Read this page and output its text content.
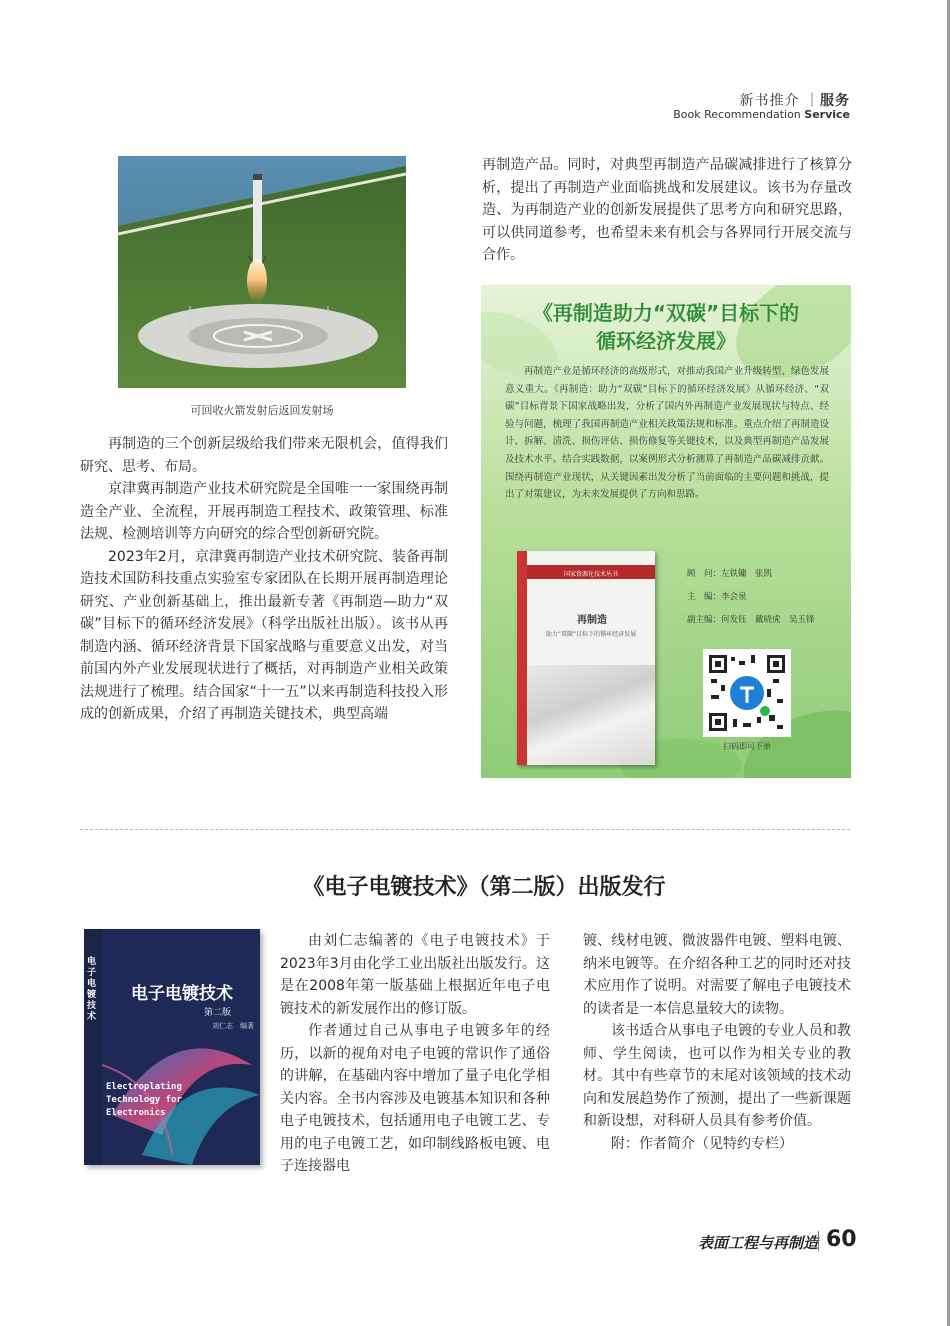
新书推介 ｜服务
Book Recommendation Service
可回收火箭发射后返回发射场

再制造的三个创新层级给我们带来无限机会，值得我们研究、思考、布局。

京津冀再制造产业技术研究院是全国唯一一家围绕再制造全产业、全流程，开展再制造工程技术、政策管理、标准法规、检测培训等方向研究的综合型创新研究院。

2023年2月，京津冀再制造产业技术研究院、装备再制造技术国防科技重点实验室专家团队在长期开展再制造理论研究、产业创新基础上，推出最新专著《再制造—助力“双碳”目标下的循环经济发展》（科学出版社出版）。该书从再制造内涵、循环经济背景下国家战略与重要意义出发，对当前国内外产业发展现状进行了概括，对再制造产业相关政策法规进行了梳理。结合国家“十一五”以来再制造科技投入形成的创新成果，介绍了再制造关键技术，典型高端

再制造产品。同时，对典型再制造产品碳减排进行了核算分析，提出了再制造产业面临挑战和发展建议。该书为存量改造、为再制造产业的创新发展提供了思考方向和研究思路，可以供同道参考，也希望未来有机会与各界同行开展交流与合作。

《再制造助力“双碳”目标下的
循环经济发展》
再制造产业是循环经济的高级形式，对推动我国产业升级转型、绿色发展意义重大。《再制造：助力“双碳”目标下的循环经济发展》从循环经济、“双碳”目标背景下国家战略出发，分析了国内外再制造产业发展现状与特点、经验与问题，梳理了我国再制造产业相关政策法规和标准。重点介绍了再制造设计、拆解、清洗、损伤评估、损伤修复等关键技术，以及典型再制造产品发展及技术水平。结合实践数据，以案例形式分析测算了再制造产品碳减排贡献。围绕再制造产业现状，从关键因素出发分析了当前面临的主要问题和挑战，提出了对策建议，为未来发展提供了方向和思路。
国家资源化技术丛书
再制造
助力“双碳”目标下的循环经济发展
顾　问：左铁镛　张凯
主　编：李会泉
副主编：何发钰　戴晓虎　吴玉锋
扫码即可下单
《电子电镀技术》（第二版）出版发行
电子电镀技术
电子电镀技术
第二版
刘仁志　编著
Electroplating Technology for Electronics

由刘仁志编著的《电子电镀技术》于2023年3月由化学工业出版社出版发行。这是在2008年第一版基础上根据近年电子电镀技术的新发展作出的修订版。

作者通过自己从事电子电镀多年的经历，以新的视角对电子电镀的常识作了通俗的讲解，在基础内容中增加了量子电化学相关内容。全书内容涉及电镀基本知识和各种电子电镀技术，包括通用电子电镀工艺、专用的电子电镀工艺，如印制线路板电镀、电子连接器电

镀、线材电镀、微波器件电镀、塑料电镀、纳米电镀等。在介绍各种工艺的同时还对技术应用作了说明。对需要了解电子电镀技术的读者是一本信息量较大的读物。

该书适合从事电子电镀的专业人员和教师、学生阅读，也可以作为相关专业的教材。其中有些章节的末尾对该领域的技术动向和发展趋势作了预测，提出了一些新课题和新设想，对科研人员具有参考价值。

附：作者简介（见特约专栏）

表面工程与再制造 60
